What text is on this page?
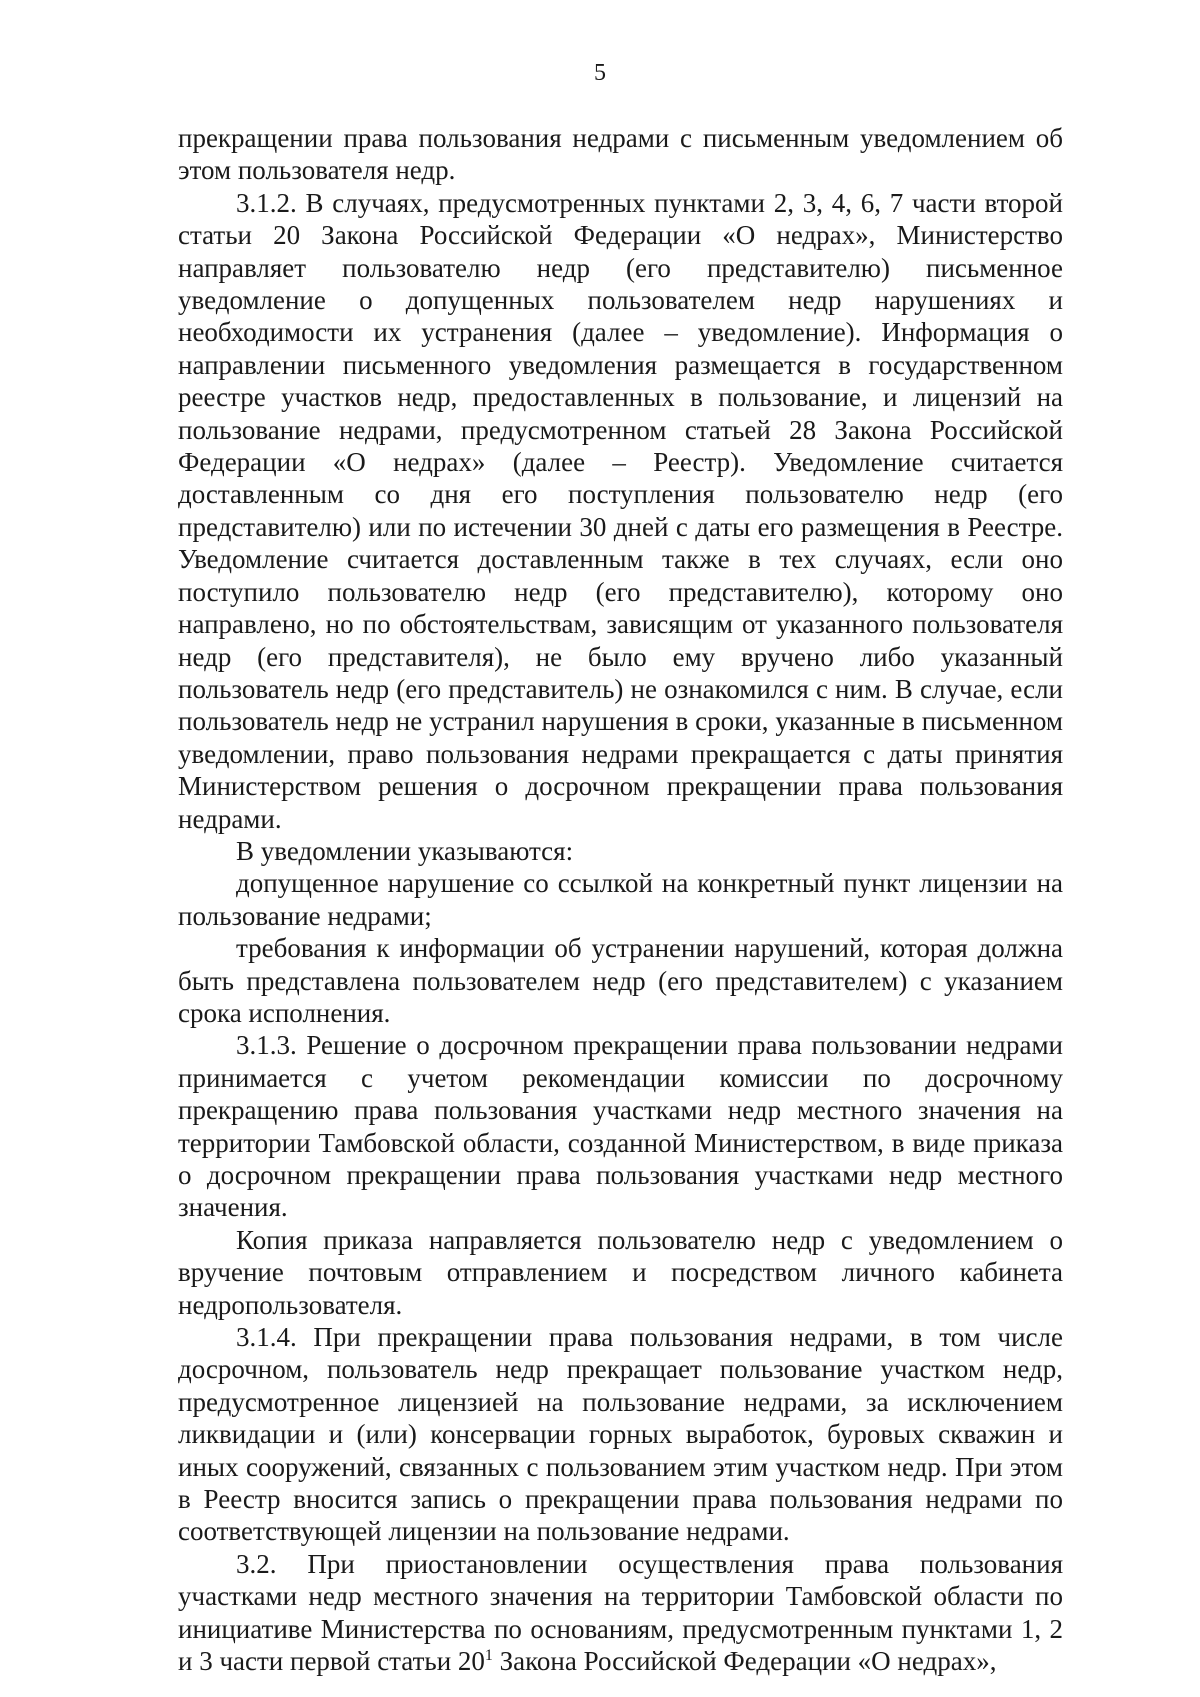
5

прекращении права пользования недрами с письменным уведомлением об этом пользователя недр.

3.1.2. В случаях, предусмотренных пунктами 2, 3, 4, 6, 7 части второй статьи 20 Закона Российской Федерации «О недрах», Министерство направляет пользователю недр (его представителю) письменное уведомление о допущенных пользователем недр нарушениях и необходимости их устранения (далее – уведомление). Информация о направлении письменного уведомления размещается в государственном реестре участков недр, предоставленных в пользование, и лицензий на пользование недрами, предусмотренном статьей 28 Закона Российской Федерации «О недрах» (далее – Реестр). Уведомление считается доставленным со дня его поступления пользователю недр (его представителю) или по истечении 30 дней с даты его размещения в Реестре. Уведомление считается доставленным также в тех случаях, если оно поступило пользователю недр (его представителю), которому оно направлено, но по обстоятельствам, зависящим от указанного пользователя недр (его представителя), не было ему вручено либо указанный пользователь недр (его представитель) не ознакомился с ним. В случае, если пользователь недр не устранил нарушения в сроки, указанные в письменном уведомлении, право пользования недрами прекращается с даты принятия Министерством решения о досрочном прекращении права пользования недрами.

В уведомлении указываются:

допущенное нарушение со ссылкой на конкретный пункт лицензии на пользование недрами;

требования к информации об устранении нарушений, которая должна быть представлена пользователем недр (его представителем) с указанием срока исполнения.

3.1.3. Решение о досрочном прекращении права пользовании недрами принимается с учетом рекомендации комиссии по досрочному прекращению права пользования участками недр местного значения на территории Тамбовской области, созданной Министерством, в виде приказа о досрочном прекращении права пользования участками недр местного значения.

Копия приказа направляется пользователю недр с уведомлением о вручение почтовым отправлением и посредством личного кабинета недропользователя.

3.1.4. При прекращении права пользования недрами, в том числе досрочном, пользователь недр прекращает пользование участком недр, предусмотренное лицензией на пользование недрами, за исключением ликвидации и (или) консервации горных выработок, буровых скважин и иных сооружений, связанных с пользованием этим участком недр. При этом в Реестр вносится запись о прекращении права пользования недрами по соответствующей лицензии на пользование недрами.

3.2. При приостановлении осуществления права пользования участками недр местного значения на территории Тамбовской области по инициативе Министерства по основаниям, предусмотренным пунктами 1, 2 и 3 части первой статьи $20^1$ Закона Российской Федерации «О недрах»,
